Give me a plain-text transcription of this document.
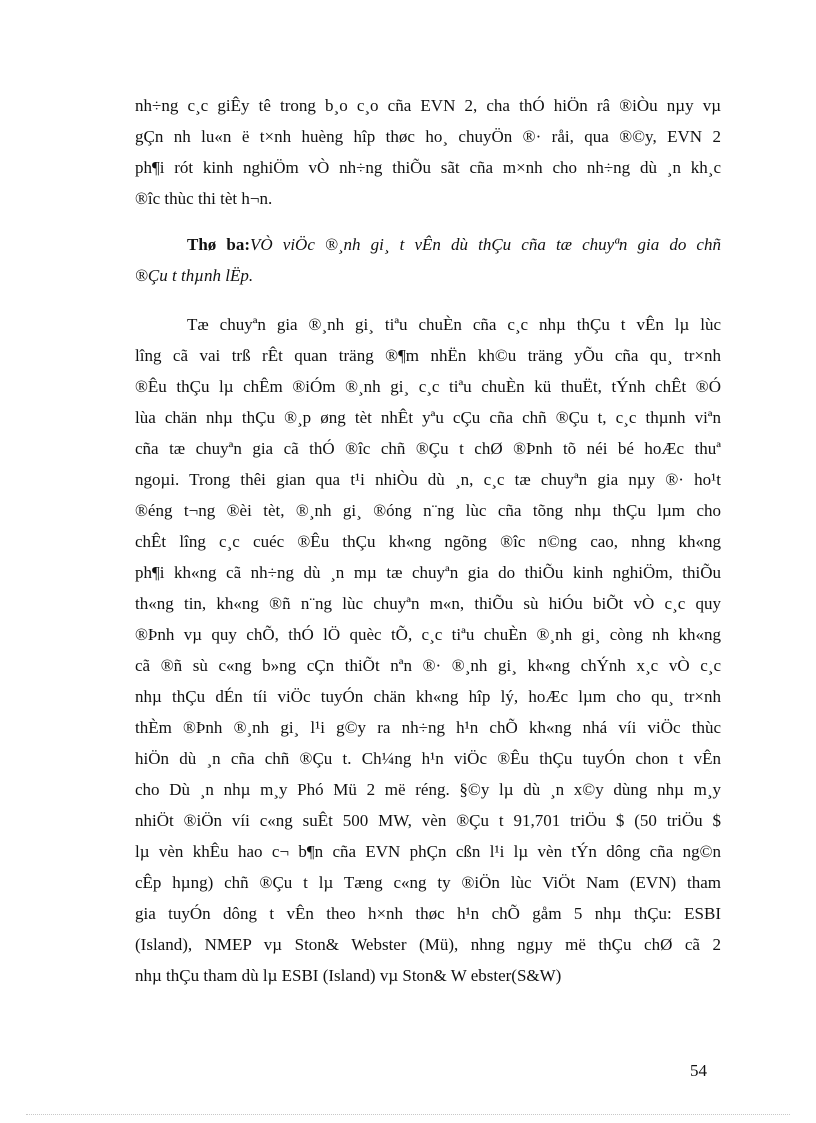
nh÷ng c¸c giÊy tê trong b¸o c¸o cña EVN 2, cha thÓ hiÖn râ ®iÒu nµy vµ
gÇn nh lu«n ë t×nh huèng hîp thøc ho¸ chuyÖn ®· råi, qua ®©y, EVN 2
ph¶i rót kinh nghiÖm vÒ nh÷ng thiÕu sãt cña m×nh cho nh÷ng dù ¸n kh¸c
®îc thùc thi tèt h¬n.
Thø ba:VÒ viÖc ®¸nh gi¸ t vÊn dù thÇu cña tæ chuyªn gia do chñ
®Çu t thµnh lËp.
Tæ chuyªn gia ®¸nh gi¸ tiªu chuÈn cña c¸c nhµ thÇu t vÊn lµ lùc
lîng cã vai trß rÊt quan träng ®¶m nhËn kh©u träng yÕu cña qu¸ tr×nh
®Êu thÇu lµ chÊm ®iÓm ®¸nh gi¸ c¸c tiªu chuÈn kü thuËt, tÝnh chÊt ®Ó
lùa chän nhµ thÇu ®¸p øng tèt nhÊt yªu cÇu cña chñ ®Çu t, c¸c thµnh viªn
cña tæ chuyªn gia cã thÓ ®îc chñ ®Çu t chØ ®Þnh tõ néi bé hoÆc thuª
ngoµi. Trong thêi gian qua t¹i nhiÒu dù ¸n, c¸c tæ chuyªn gia nµy ®· ho¹t
®éng t¬ng ®èi tèt, ®¸nh gi¸ ®óng n¨ng lùc cña tõng nhµ thÇu lµm cho
chÊt lîng c¸c cuéc ®Êu thÇu kh«ng ngõng ®îc n©ng cao, nhng kh«ng
ph¶i kh«ng cã nh÷ng dù ¸n mµ tæ chuyªn gia do thiÕu kinh nghiÖm, thiÕu
th«ng tin, kh«ng ®ñ n¨ng lùc chuyªn m«n, thiÕu sù hiÓu biÕt vÒ c¸c quy
®Þnh vµ quy chÕ, thÓ lÖ quèc tÕ, c¸c tiªu chuÈn ®¸nh gi¸ còng nh kh«ng
cã ®ñ sù c«ng b»ng cÇn thiÕt nªn ®· ®¸nh gi¸ kh«ng chÝnh x¸c vÒ c¸c
nhµ thÇu dÉn tíi viÖc tuyÓn chän kh«ng hîp lý, hoÆc lµm cho qu¸ tr×nh
thÈm ®Þnh ®¸nh gi¸ l¹i g©y ra nh÷ng h¹n chÕ kh«ng nhá víi viÖc thùc
hiÖn dù ¸n cña chñ ®Çu t. Ch¼ng h¹n viÖc ®Êu thÇu tuyÓn chon t vÊn
cho Dù ¸n nhµ m¸y Phó Mü 2 më réng. §©y lµ dù ¸n x©y dùng nhµ m¸y
nhiÖt ®iÖn víi c«ng suÊt 500 MW, vèn ®Çu t 91,701 triÖu $ (50 triÖu $
lµ vèn khÊu hao c¬ b¶n cña EVN phÇn cßn l¹i lµ vèn tÝn dông cña ng©n
cÊp hµng) chñ ®Çu t lµ Tæng c«ng ty ®iÖn lùc ViÖt Nam (EVN) tham
gia tuyÓn dông t vÊn theo h×nh thøc h¹n chÕ gåm 5 nhµ thÇu: ESBI
(Island), NMEP vµ Ston& Webster (Mü), nhng ngµy më thÇu chØ cã 2
nhµ thÇu tham dù lµ ESBI (Island) vµ Ston& W ebster(S&W)
54
